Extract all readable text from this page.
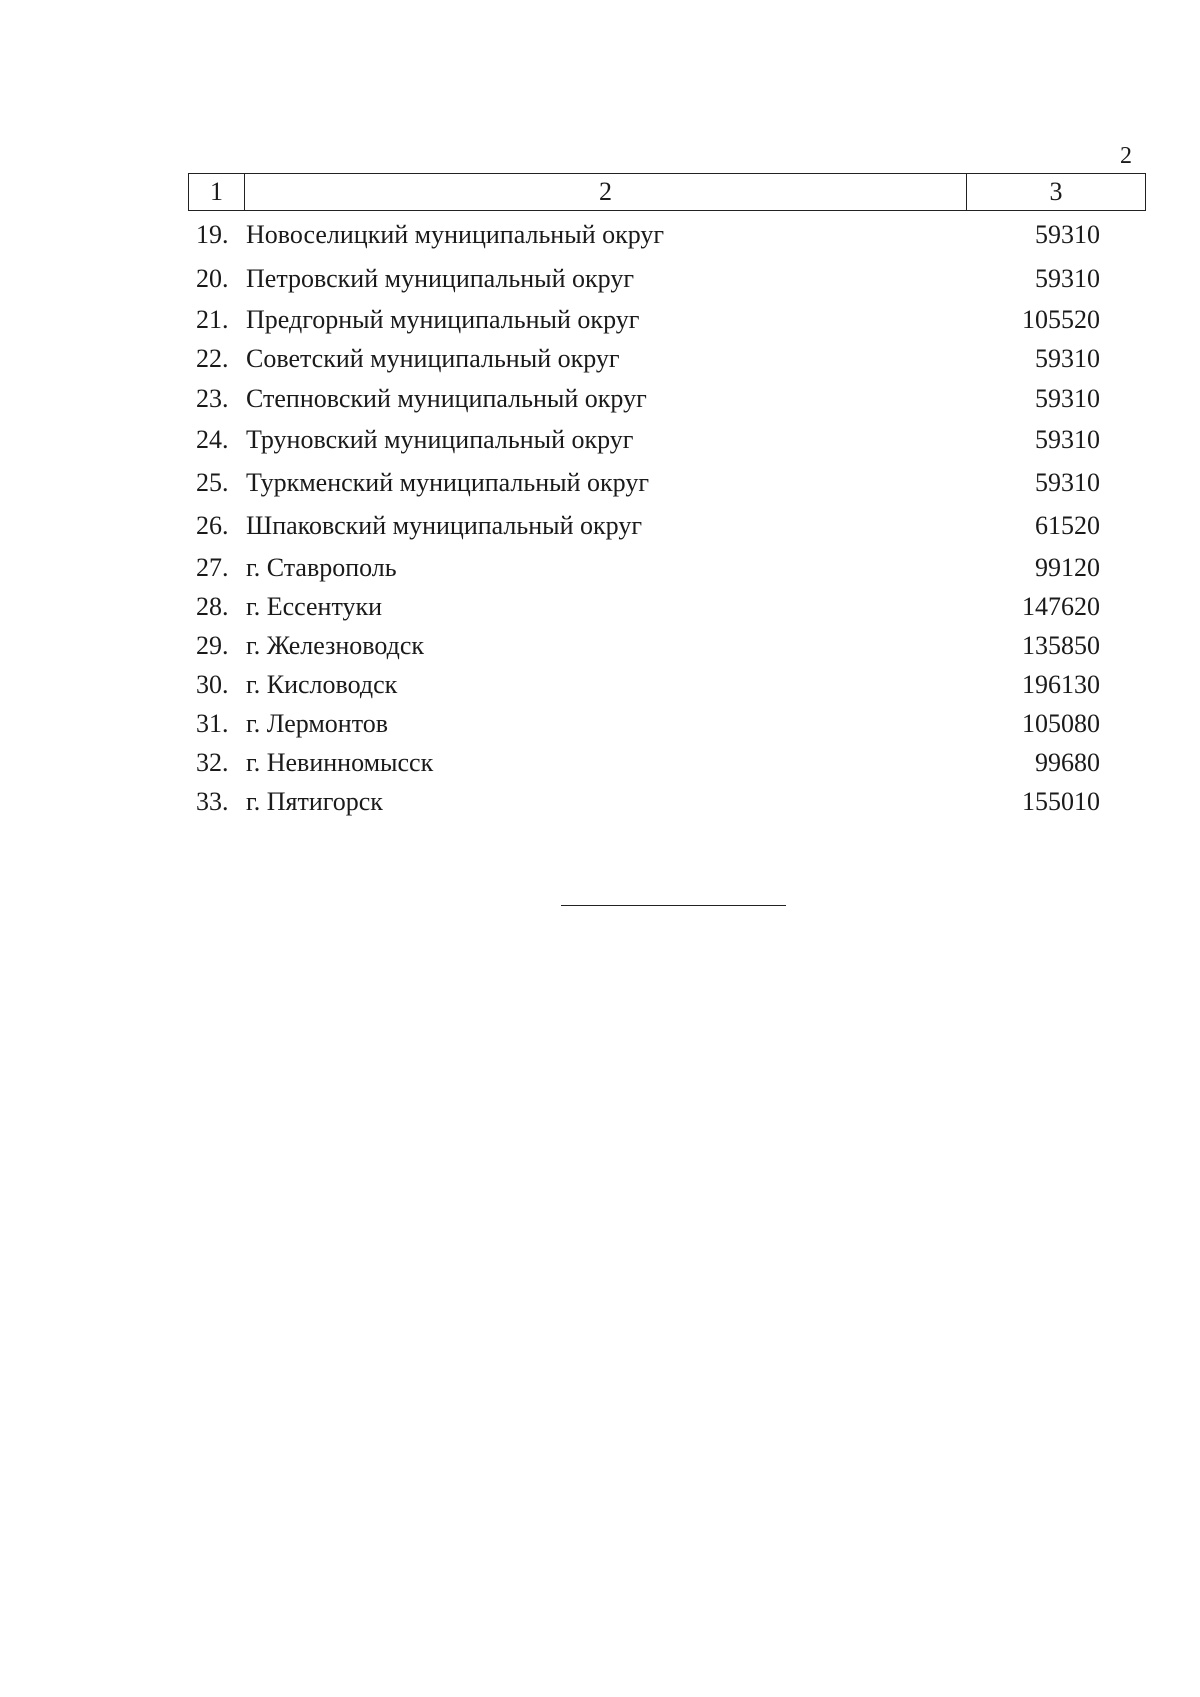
2
1	2	3
19. Новоселицкий муниципальный округ	59310
20. Петровский муниципальный округ	59310
21. Предгорный муниципальный округ	105520
22. Советский муниципальный округ	59310
23. Степновский муниципальный округ	59310
24. Труновский муниципальный округ	59310
25. Туркменский муниципальный округ	59310
26. Шпаковский муниципальный округ	61520
27. г. Ставрополь	99120
28. г. Ессентуки	147620
29. г. Железноводск	135850
30. г. Кисловодск	196130
31. г. Лермонтов	105080
32. г. Невинномысск	99680
33. г. Пятигорск	155010
